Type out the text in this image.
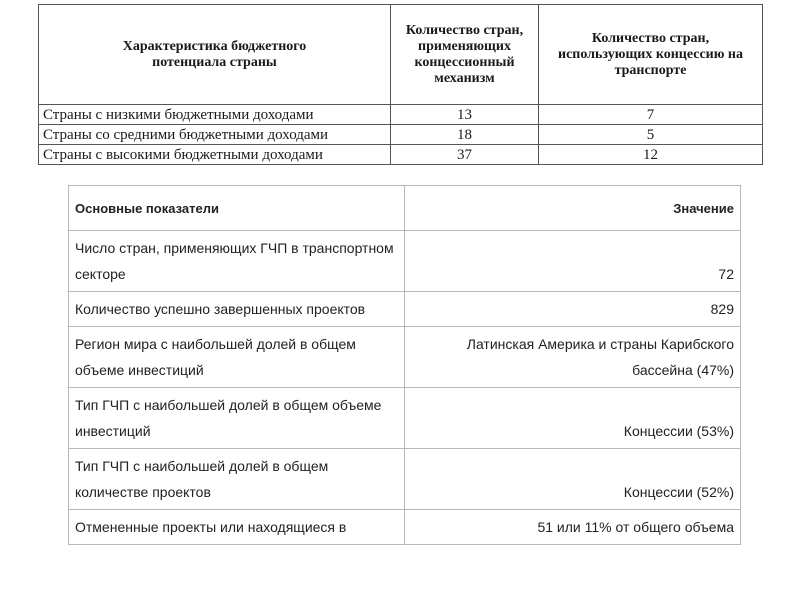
Характеристика бюджетного потенциала страны	Количество стран, применяющих концессионный механизм	Количество стран, использующих концессию на транспорте
Страны с низкими бюджетными доходами	13	7
Страны со средними бюджетными доходами	18	5
Страны с высокими бюджетными доходами	37	12
Основные показатели	Значение
Число стран, применяющих ГЧП в транспортном секторе	72
Количество успешно завершенных проектов	829
Регион мира с наибольшей долей в общем объеме инвестиций	Латинская Америка и страны Карибского бассейна (47%)
Тип ГЧП с наибольшей долей в общем объеме инвестиций	Концессии (53%)
Тип ГЧП с наибольшей долей в общем количестве проектов	Концессии (52%)
Отмененные проекты или находящиеся в	51 или 11% от общего объема
